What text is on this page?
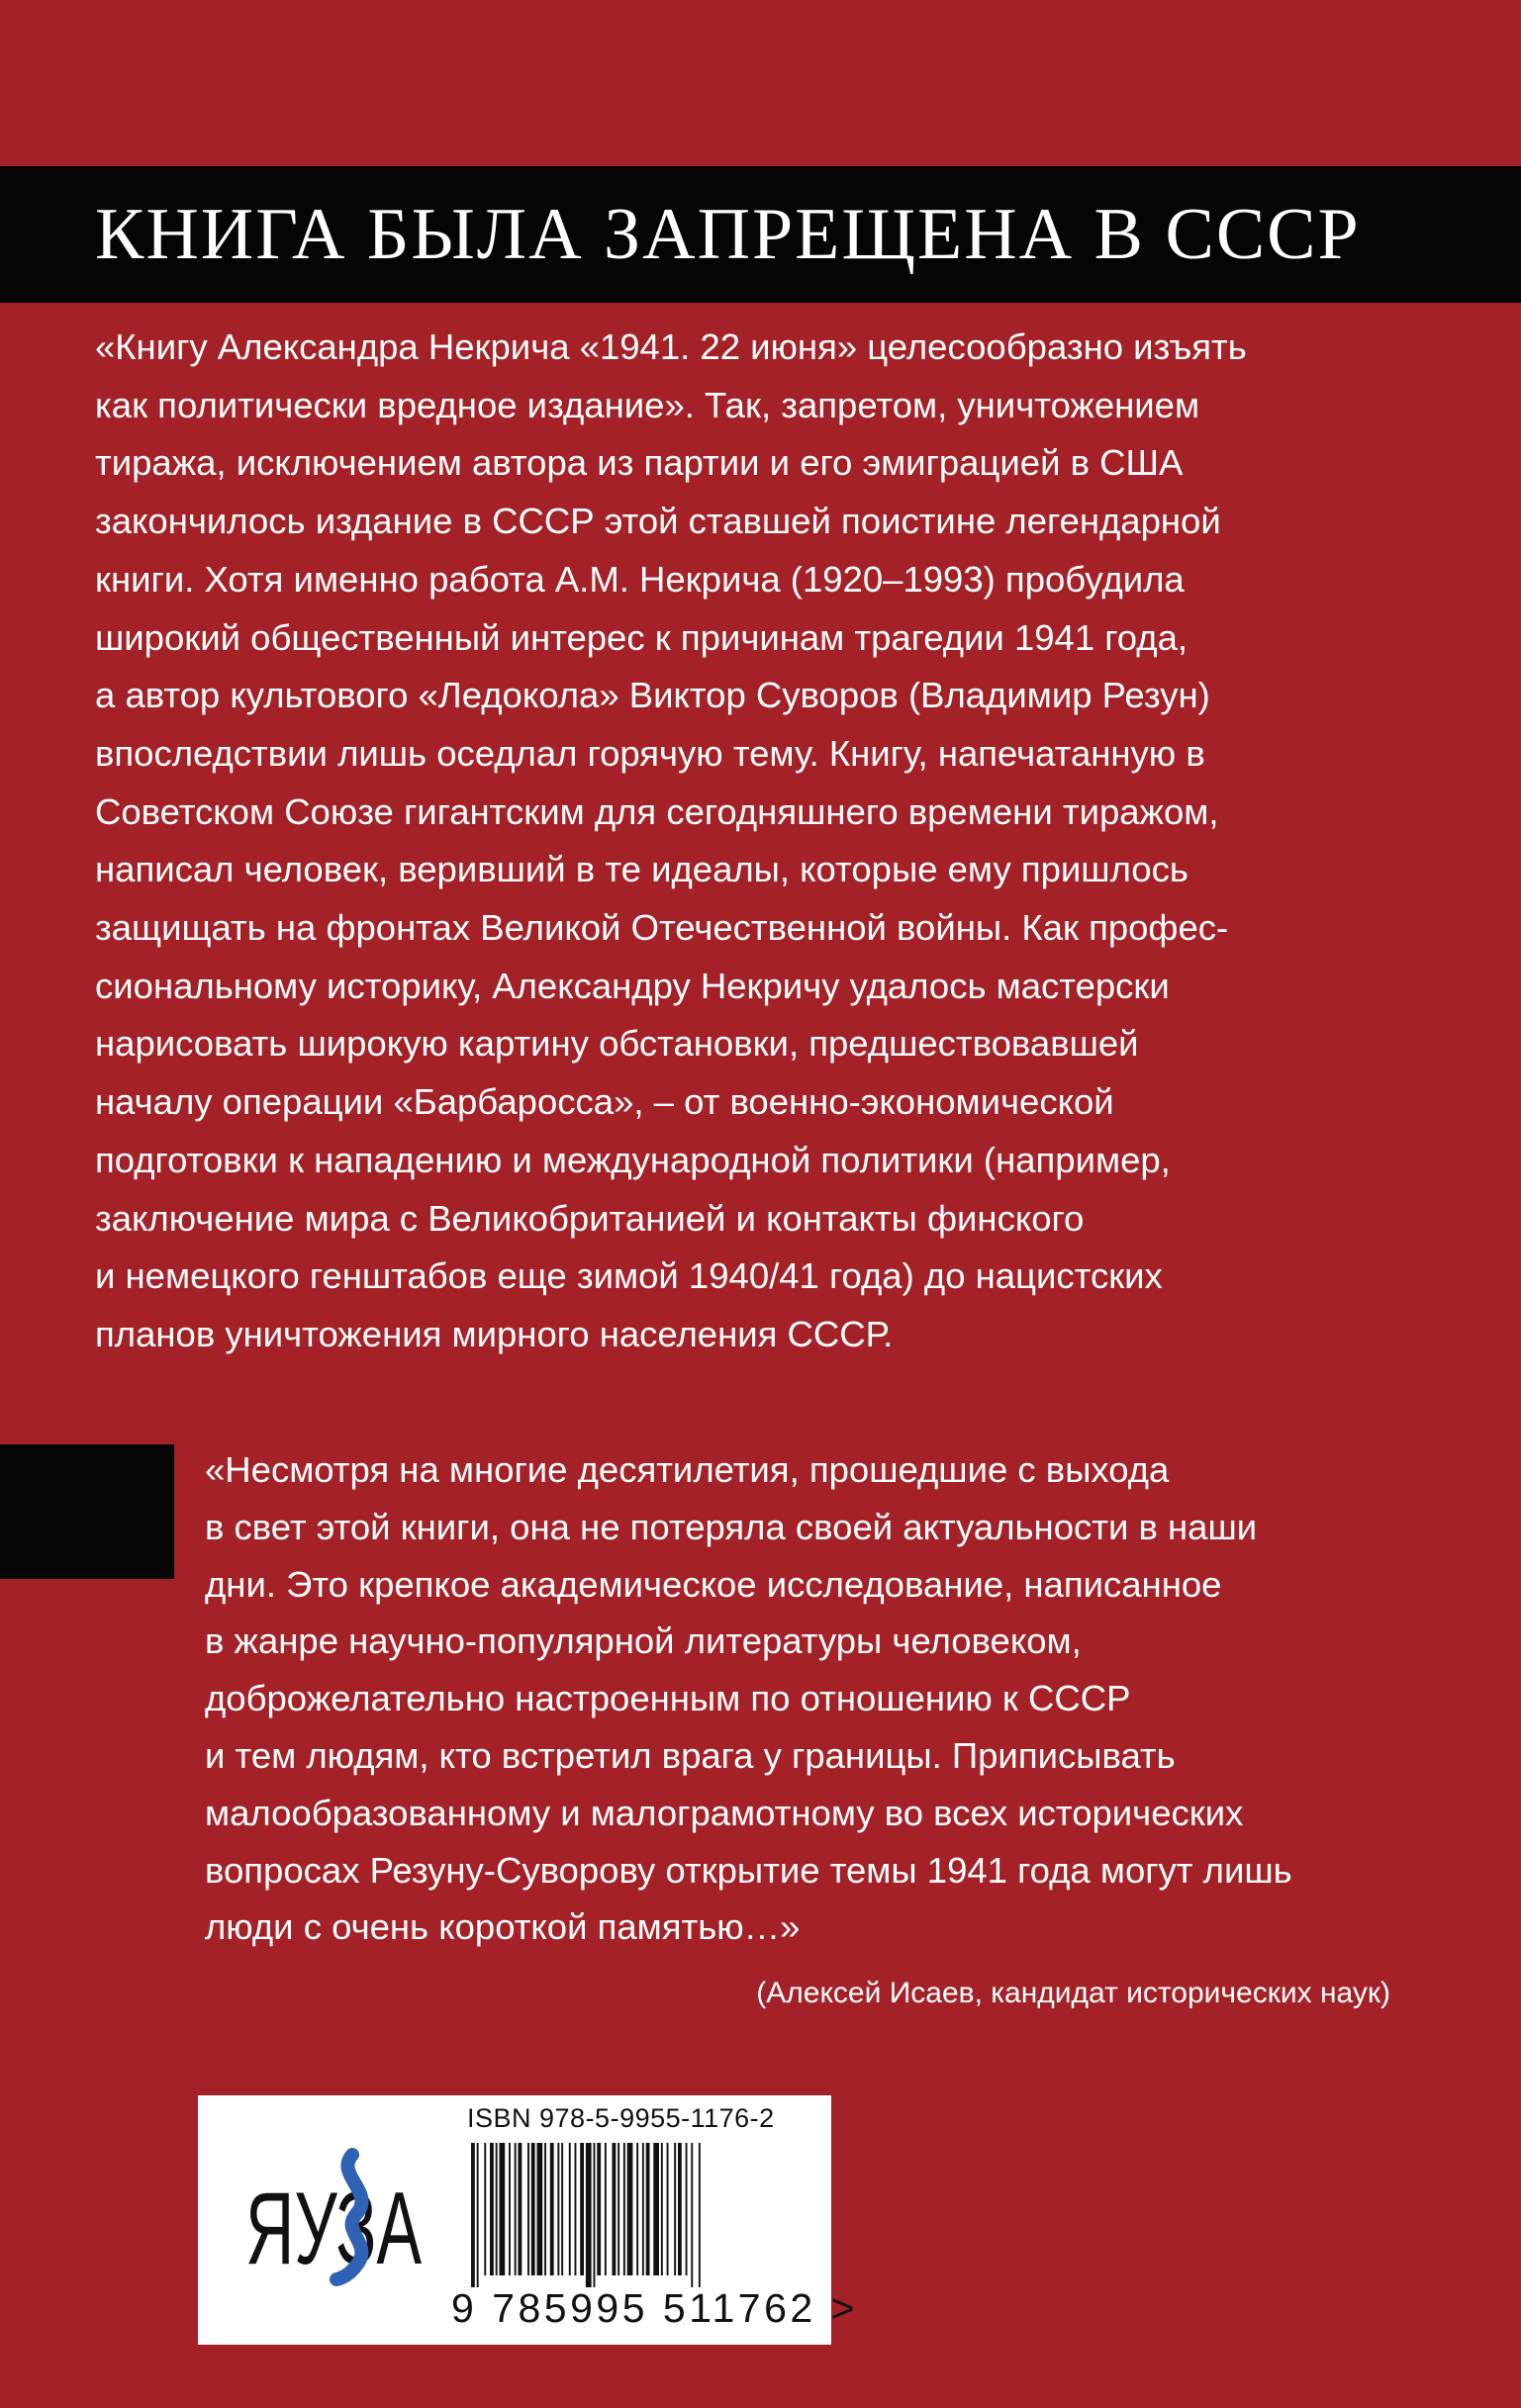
КНИГА БЫЛА ЗАПРЕЩЕНА В СССР
«Книгу Александра Некрича «1941. 22 июня» целесообразно изъять
как политически вредное издание». Так, запретом, уничтожением
тиража, исключением автора из партии и его эмиграцией в США
закончилось издание в СССР этой ставшей поистине легендарной
книги. Хотя именно работа А.М. Некрича (1920–1993) пробудила
широкий общественный интерес к причинам трагедии 1941 года,
а автор культового «Ледокола» Виктор Суворов (Владимир Резун)
впоследствии лишь оседлал горячую тему. Книгу, напечатанную в
Советском Союзе гигантским для сегодняшнего времени тиражом,
написал человек, веривший в те идеалы, которые ему пришлось
защищать на фронтах Великой Отечественной войны. Как профес-
сиональному историку, Александру Некричу удалось мастерски
нарисовать широкую картину обстановки, предшествовавшей
началу операции «Барбаросса», – от военно-экономической
подготовки к нападению и международной политики (например,
заключение мира с Великобританией и контакты финского
и немецкого генштабов еще зимой 1940/41 года) до нацистских
планов уничтожения мирного населения СССР.
«Несмотря на многие десятилетия, прошедшие с выхода
в свет этой книги, она не потеряла своей актуальности в наши
дни. Это крепкое академическое исследование, написанное
в жанре научно-популярной литературы человеком,
доброжелательно настроенным по отношению к СССР
и тем людям, кто встретил врага у границы. Приписывать
малообразованному и малограмотному во всех исторических
вопросах Резуну-Суворову открытие темы 1941 года могут лишь
люди с очень короткой памятью…»

(Алексей Исаев, кандидат исторических наук)

ЯУЗА
ISBN 978-5-9955-1176-2
9 785995 511762 >
